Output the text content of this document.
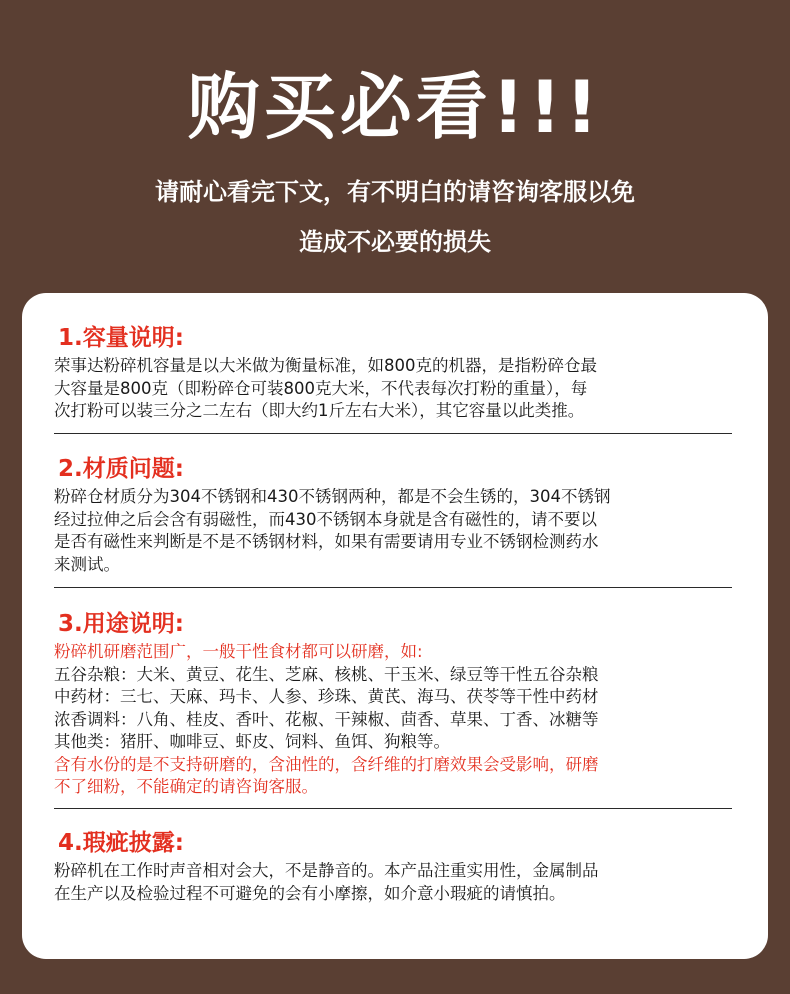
购买必看!!!
请耐心看完下文，有不明白的请咨询客服以免
造成不必要的损失
1.容量说明:
荣事达粉碎机容量是以大米做为衡量标准，如800克的机器，是指粉碎仓最
大容量是800克（即粉碎仓可装800克大米，不代表每次打粉的重量），每
次打粉可以装三分之二左右（即大约1斤左右大米），其它容量以此类推。
2.材质问题:
粉碎仓材质分为304不锈钢和430不锈钢两种，都是不会生锈的，304不锈钢
经过拉伸之后会含有弱磁性，而430不锈钢本身就是含有磁性的，请不要以
是否有磁性来判断是不是不锈钢材料，如果有需要请用专业不锈钢检测药水
来测试。
3.用途说明:
粉碎机研磨范围广，一般干性食材都可以研磨，如:
五谷杂粮：大米、黄豆、花生、芝麻、核桃、干玉米、绿豆等干性五谷杂粮
中药材：三七、天麻、玛卡、人参、珍珠、黄芪、海马、茯苓等干性中药材
浓香调料：八角、桂皮、香叶、花椒、干辣椒、茴香、草果、丁香、冰糖等
其他类：猪肝、咖啡豆、虾皮、饲料、鱼饵、狗粮等。
含有水份的是不支持研磨的，含油性的，含纤维的打磨效果会受影响，研磨
不了细粉，不能确定的请咨询客服。
4.瑕疵披露:
粉碎机在工作时声音相对会大，不是静音的。本产品注重实用性，金属制品
在生产以及检验过程不可避免的会有小摩擦，如介意小瑕疵的请慎拍。
